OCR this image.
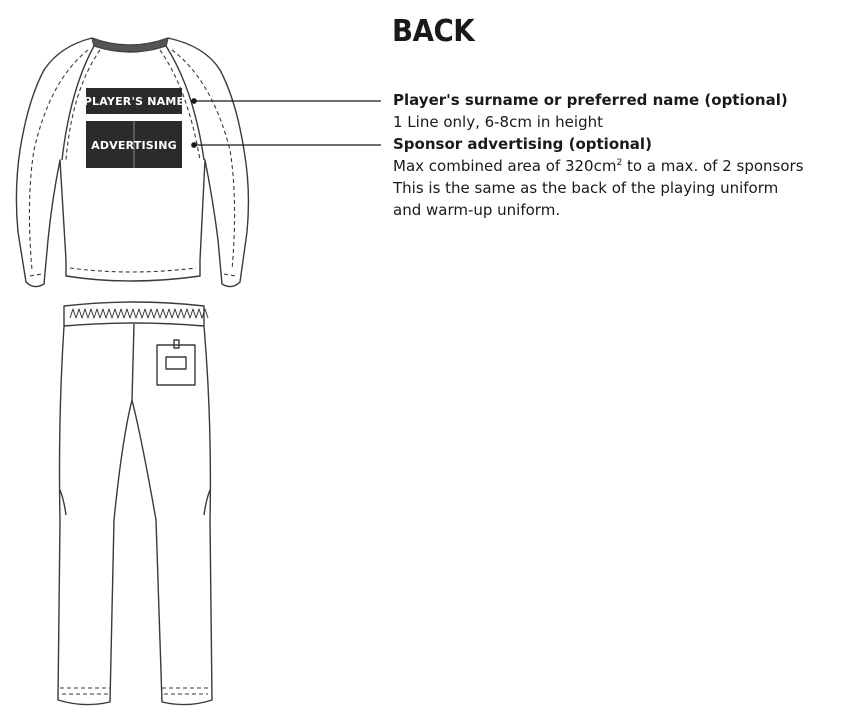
PLAYER'S NAME
ADVERTISING
BACK
Player's surname or preferred name (optional)
1 Line only, 6-8cm in height
Sponsor advertising (optional)
Max combined area of $320cm^2$ to a max. of 2 sponsors
This is the same as the back of the playing uniform
and warm-up uniform.
